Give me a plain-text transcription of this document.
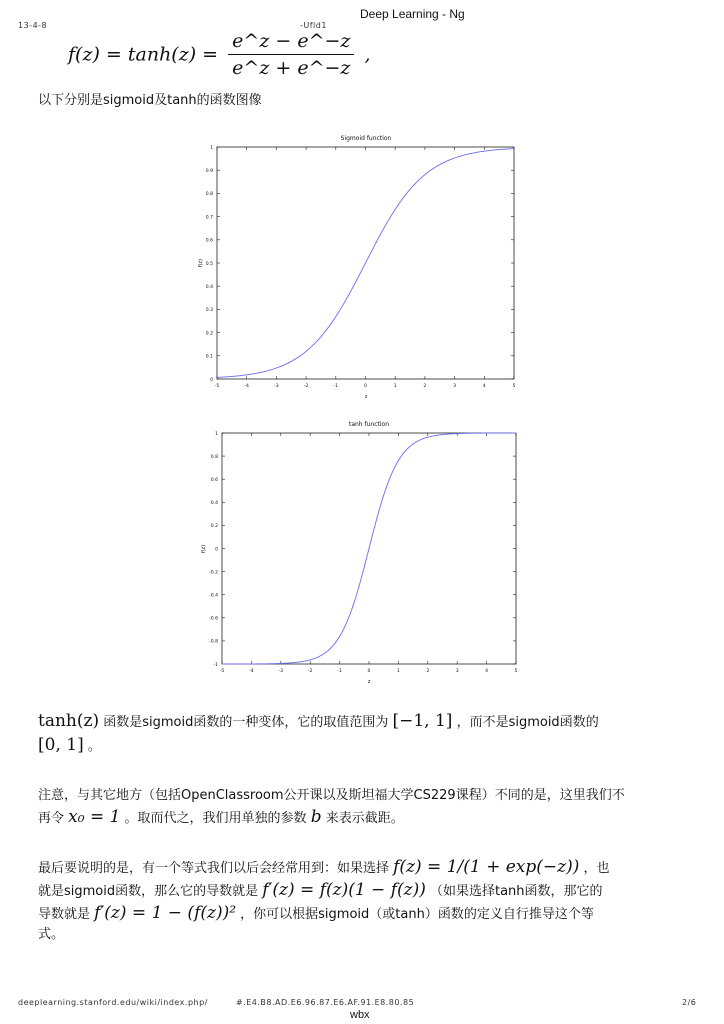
13-4-8	-Ufld1
Deep Learning - Ng
$f(z) = \tanh(z) = \frac{e\^{}z - e\^{}-z}{e\^{}z + e\^{}-z}$ ,
以下分别是sigmoid及tanh的函数图像
Sigmoid function
0
0.1
0.2
0.3
0.4
0.5
0.6
0.7
0.8
0.9
1
-5	-4	-3	-2	-1	0	1	2	3	4	5
f(z)
z
tanh function
-1
-0.8
-0.6
-0.4
-0.2
0
0.2
0.4
0.6
0.8
1
-5	-4	-3	-2	-1	0	1	2	3	4	5
f(z)
z
tanh(z) 函数是sigmoid函数的一种变体，它的取值范围为 [−1, 1] ，而不是sigmoid函数的
[0, 1] 。
注意，与其它地方（包括OpenClassroom公开课以及斯坦福大学CS229课程）不同的是，这里我们不
再令 x₀ = 1 。取而代之，我们用单独的参数 b 来表示截距。
最后要说明的是，有一个等式我们以后会经常用到：如果选择 f(z) = 1/(1 + exp(−z)) ，也
就是sigmoid函数，那么它的导数就是 f′(z) = f(z)(1 − f(z)) （如果选择tanh函数，那它的
导数就是 f′(z) = 1 − (f(z))² ，你可以根据sigmoid（或tanh）函数的定义自行推导这个等
式。
deeplearning.stanford.edu/wiki/index.php/	#.E4.B8.AD.E6.96.87.E6.AF.91.E8.80.85	2/6
wbx
